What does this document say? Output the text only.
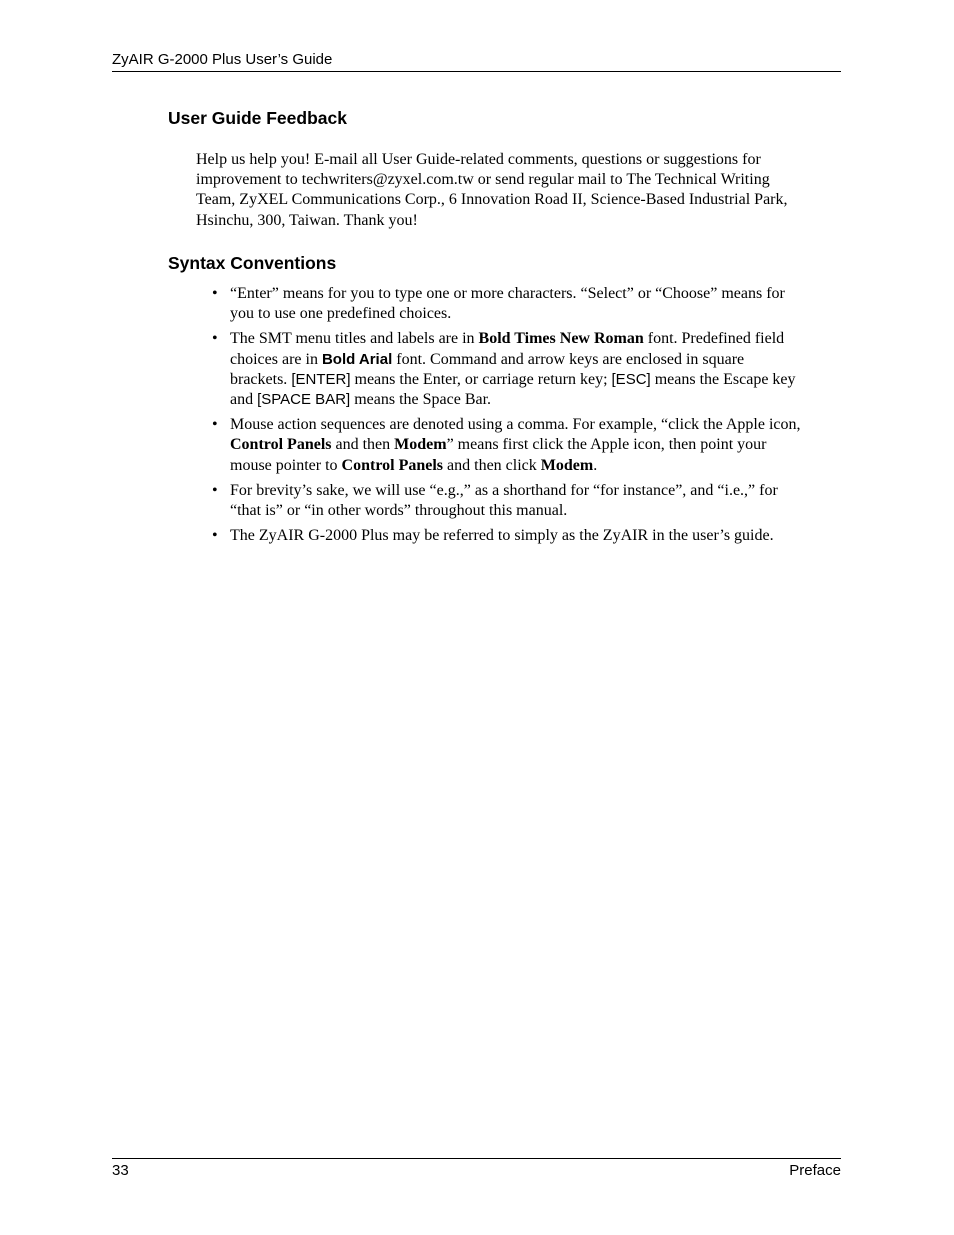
ZyAIR G-2000 Plus User’s Guide
User Guide Feedback
Help us help you! E-mail all User Guide-related comments, questions or suggestions for
improvement to techwriters@zyxel.com.tw or send regular mail to The Technical Writing
Team, ZyXEL Communications Corp., 6 Innovation Road II, Science-Based Industrial Park,
Hsinchu, 300, Taiwan. Thank you!
Syntax Conventions
• “Enter” means for you to type one or more characters. “Select” or “Choose” means for
you to use one predefined choices.
• The SMT menu titles and labels are in Bold Times New Roman font. Predefined field
choices are in Bold Arial font. Command and arrow keys are enclosed in square
brackets. [ENTER] means the Enter, or carriage return key; [ESC] means the Escape key
and [SPACE BAR] means the Space Bar.
• Mouse action sequences are denoted using a comma. For example, “click the Apple icon,
Control Panels and then Modem” means first click the Apple icon, then point your
mouse pointer to Control Panels and then click Modem.
• For brevity’s sake, we will use “e.g.,” as a shorthand for “for instance”, and “i.e.,” for
“that is” or “in other words” throughout this manual.
• The ZyAIR G-2000 Plus may be referred to simply as the ZyAIR in the user’s guide.
33	Preface
